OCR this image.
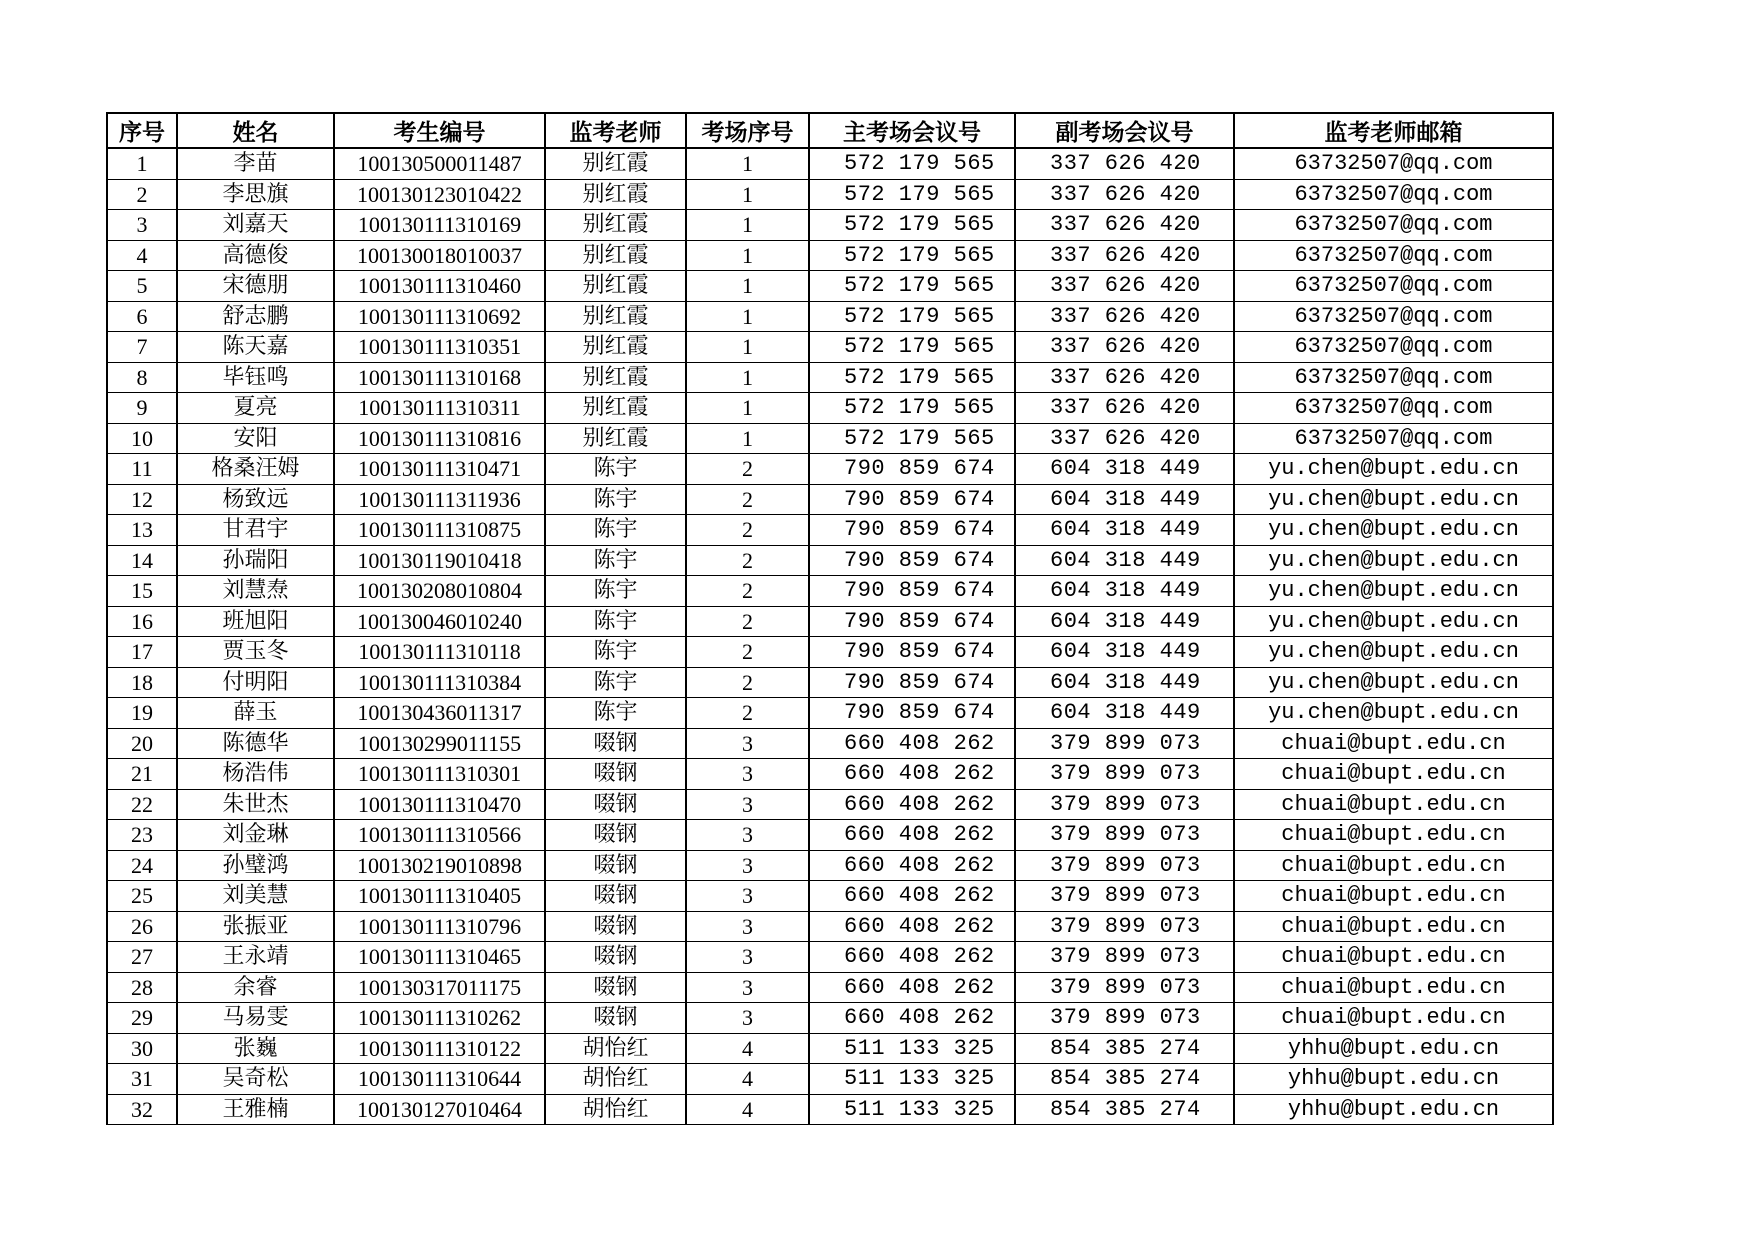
序号	姓名	考生编号	监考老师	考场序号	主考场会议号	副考场会议号	监考老师邮箱
1	李苗	100130500011487	别红霞	1	572 179 565	337 626 420	63732507@qq.com
2	李思旗	100130123010422	别红霞	1	572 179 565	337 626 420	63732507@qq.com
3	刘嘉天	100130111310169	别红霞	1	572 179 565	337 626 420	63732507@qq.com
4	高德俊	100130018010037	别红霞	1	572 179 565	337 626 420	63732507@qq.com
5	宋德朋	100130111310460	别红霞	1	572 179 565	337 626 420	63732507@qq.com
6	舒志鹏	100130111310692	别红霞	1	572 179 565	337 626 420	63732507@qq.com
7	陈天嘉	100130111310351	别红霞	1	572 179 565	337 626 420	63732507@qq.com
8	毕钰鸣	100130111310168	别红霞	1	572 179 565	337 626 420	63732507@qq.com
9	夏亮	100130111310311	别红霞	1	572 179 565	337 626 420	63732507@qq.com
10	安阳	100130111310816	别红霞	1	572 179 565	337 626 420	63732507@qq.com
11	格桑汪姆	100130111310471	陈宇	2	790 859 674	604 318 449	yu.chen@bupt.edu.cn
12	杨致远	100130111311936	陈宇	2	790 859 674	604 318 449	yu.chen@bupt.edu.cn
13	甘君宇	100130111310875	陈宇	2	790 859 674	604 318 449	yu.chen@bupt.edu.cn
14	孙瑞阳	100130119010418	陈宇	2	790 859 674	604 318 449	yu.chen@bupt.edu.cn
15	刘慧焘	100130208010804	陈宇	2	790 859 674	604 318 449	yu.chen@bupt.edu.cn
16	班旭阳	100130046010240	陈宇	2	790 859 674	604 318 449	yu.chen@bupt.edu.cn
17	贾玉冬	100130111310118	陈宇	2	790 859 674	604 318 449	yu.chen@bupt.edu.cn
18	付明阳	100130111310384	陈宇	2	790 859 674	604 318 449	yu.chen@bupt.edu.cn
19	薛玉	100130436011317	陈宇	2	790 859 674	604 318 449	yu.chen@bupt.edu.cn
20	陈德华	100130299011155	啜钢	3	660 408 262	379 899 073	chuai@bupt.edu.cn
21	杨浩伟	100130111310301	啜钢	3	660 408 262	379 899 073	chuai@bupt.edu.cn
22	朱世杰	100130111310470	啜钢	3	660 408 262	379 899 073	chuai@bupt.edu.cn
23	刘金琳	100130111310566	啜钢	3	660 408 262	379 899 073	chuai@bupt.edu.cn
24	孙璧鸿	100130219010898	啜钢	3	660 408 262	379 899 073	chuai@bupt.edu.cn
25	刘美慧	100130111310405	啜钢	3	660 408 262	379 899 073	chuai@bupt.edu.cn
26	张振亚	100130111310796	啜钢	3	660 408 262	379 899 073	chuai@bupt.edu.cn
27	王永靖	100130111310465	啜钢	3	660 408 262	379 899 073	chuai@bupt.edu.cn
28	余睿	100130317011175	啜钢	3	660 408 262	379 899 073	chuai@bupt.edu.cn
29	马易雯	100130111310262	啜钢	3	660 408 262	379 899 073	chuai@bupt.edu.cn
30	张巍	100130111310122	胡怡红	4	511 133 325	854 385 274	yhhu@bupt.edu.cn
31	吴奇松	100130111310644	胡怡红	4	511 133 325	854 385 274	yhhu@bupt.edu.cn
32	王雅楠	100130127010464	胡怡红	4	511 133 325	854 385 274	yhhu@bupt.edu.cn
